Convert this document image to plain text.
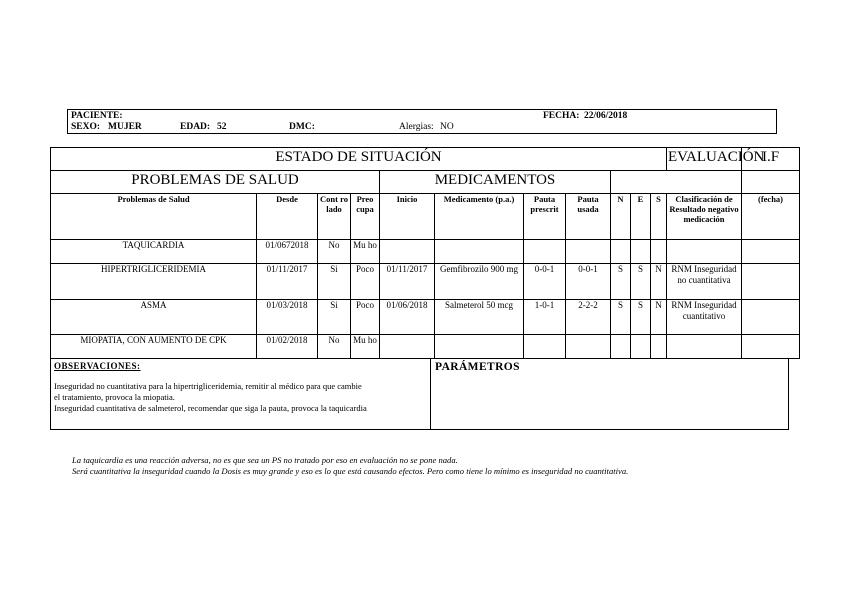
PACIENTE:	FECHA: 22/06/2018
SEXO: MUJER	EDAD: 52	DMC:	Alergias: NO
ESTADO DE SITUACIÓN											EVALUACIÓN	I.F
PROBLEMAS DE SALUD				MEDICAMENTOS								
Problemas de Salud	Desde	Cont ro lado	Preo cupa	Inicio	Medicamento (p.a.)	Pauta prescrit	Pauta usada	N	E	S	Clasificación de Resultado negativo medicación	(fecha)
TAQUICARDIA	01/0672018	No	Mu ho									
HIPERTRIGLICERIDEMIA	01/11/2017	Si	Poco	01/11/2017	Gemfibrozilo 900 mg	0-0-1	0-0-1	S	S	N	RNM Inseguridad no cuantitativa	
ASMA	01/03/2018	Si	Poco	01/06/2018	Salmeterol 50 mcg	1-0-1	2-2-2	S	S	N	RNM Inseguridad cuantitativo	
MIOPATIA, CON AUMENTO DE CPK	01/02/2018	No	Mu ho									
OBSERVACIONES:
Inseguridad no cuantitativa para la hipertrigliceridemia, remitir al médico para que cambie
el tratamiento, provoca la miopatia.
Inseguridad cuantitativa de salmeterol, recomendar que siga la pauta, provoca la taquicardia
PARÁMETROS
La taquicardia es una reacción adversa, no es que sea un PS no tratado por eso en evaluación no se pone nada.
Será cuantitativa la inseguridad cuando la Dosis es muy grande y eso es lo que está causando efectos. Pero como tiene lo mínimo es inseguridad no cuantitativa.
